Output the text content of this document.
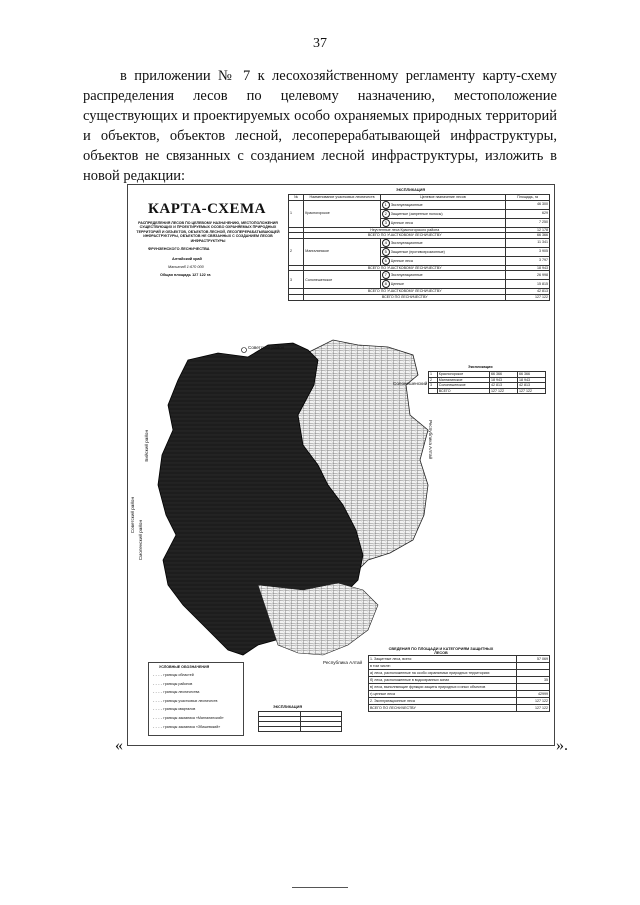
37

в приложении № 7 к лесохозяйственному регламенту карту-схему распределения лесов по целевому назначению, местоположение существующих и проектируемых особо охраняемых природных территорий и объектов, объектов лесной, лесоперерабатывающей инфраструктуры, объектов не связанных с созданием лесной инфраструктуры, изложить в новой редакции:

«	».
КАРТА-СХЕМА
РАСПРЕДЕЛЕНИЯ ЛЕСОВ ПО ЦЕЛЕВОМУ НАЗНАЧЕНИЮ, МЕСТОПОЛОЖЕНИЯ СУЩЕСТВУЮЩИХ И ПРОЕКТИРУЕМЫХ ОСОБО ОХРАНЯЕМЫХ ПРИРОДНЫХ ТЕРРИТОРИЙ И ОБЪЕКТОВ, ОБЪЕКТОВ ЛЕСНОЙ, ЛЕСОПЕРЕРАБАТЫВАЮЩЕЙ ИНФРАСТРУКТУРЫ, ОБЪЕКТОВ НЕ СВЯЗАННЫХ С СОЗДАНИЕМ ЛЕСОВ ИНФРАСТРУКТУРЫ
ФРУНЗЕНСКОГО ЛЕСНИЧЕСТВА
Алтайский край
Масштаб 1:670 000
Общая площадь 127 122 га
ЭКСПЛИКАЦИЯ
№	Наименование участковых лесничеств	Целевое назначение лесов	Площадь, га
1	Красногорское	1 Эксплуатационные	46 300
		2 Защитные (запретные полосы)	629
		3 Ценные леса	7 250
	Неучтенные леса Красногорского района		12 178
	ВСЕГО ПО УЧАСТКОВОМУ ЛЕСНИЧЕСТВУ		66 366
2	Мангалинское	4 Эксплуатационные	11 341
		5 Защитные (противоэрозионные)	3 905
		6 Ценные леса	3 797
	ВСЕГО ПО УЧАСТКОВОМУ ЛЕСНИЧЕСТВУ		18 943
3	Солонешенское	7 Эксплуатационные	26 998
		8 Ценные	15 815
	ВСЕГО ПО УЧАСТКОВОМУ ЛЕСНИЧЕСТВУ		42 813
	ВСЕГО ПО ЛЕСНИЧЕСТВУ		127 122
Экспликация
1	Красногорское	66 366	66 366
2	Мангалинское	18 943	18 943
3	Солонешенское	42 813	42 813
	ВСЕГО	127 122	127 122
Советский район
Солонешенский
Бийский район	Республика Алтай
Советский район
Смоленский район
Республика Алтай
УСЛОВНЫЕ ОБОЗНАЧЕНИЯ
- - - - границы областей
- - - - границы районов
- - - - границы лесничества
- - - - границы участковых лесничеств
- - - - границы кварталов
- - - - границы заказника «Мангалинский»
- - - - границы заказника «Збишевский»
ЭКСПЛИКАЦИЯ

СВЕДЕНИЯ ПО ПЛОЩАДИ И КАТЕГОРИЯМ ЗАЩИТНЫХ ЛЕСОВ
1. Защитные леса, всего:	57 069
в том числе:	
а) леса, расположенные на особо охраняемых природных территориях	
б) леса, расположенные в водоохранных зонах	35
в) леса, выполняющие функции защиты природных и иных объектов	
г) ценные леса	42999
2. Эксплуатационные леса	127 122
ВСЕГО ПО ЛЕСНИЧЕСТВУ	127 122
